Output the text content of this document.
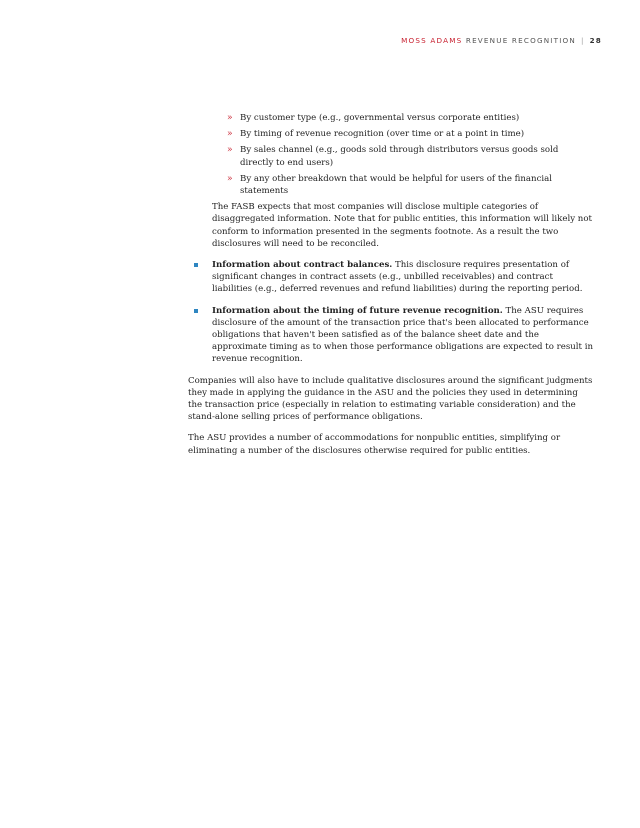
MOSS ADAMS REVENUE RECOGNITION | 28
» By customer type (e.g., governmental versus corporate entities)
» By timing of revenue recognition (over time or at a point in time)
» By sales channel (e.g., goods sold through distributors versus goods sold directly to end users)
» By any other breakdown that would be helpful for users of the financial statements

The FASB expects that most companies will disclose multiple categories of disaggregated information. Note that for public entities, this information will likely not conform to information presented in the segments footnote. As a result the two disclosures will need to be reconciled.

Information about contract balances. This disclosure requires presentation of significant changes in contract assets (e.g., unbilled receivables) and contract liabilities (e.g., deferred revenues and refund liabilities) during the reporting period.
Information about the timing of future revenue recognition. The ASU requires disclosure of the amount of the transaction price that's been allocated to performance obligations that haven't been satisfied as of the balance sheet date and the approximate timing as to when those performance obligations are expected to result in revenue recognition.

Companies will also have to include qualitative disclosures around the significant judgments they made in applying the guidance in the ASU and the policies they used in determining the transaction price (especially in relation to estimating variable consideration) and the stand-alone selling prices of performance obligations.

The ASU provides a number of accommodations for nonpublic entities, simplifying or eliminating a number of the disclosures otherwise required for public entities.
